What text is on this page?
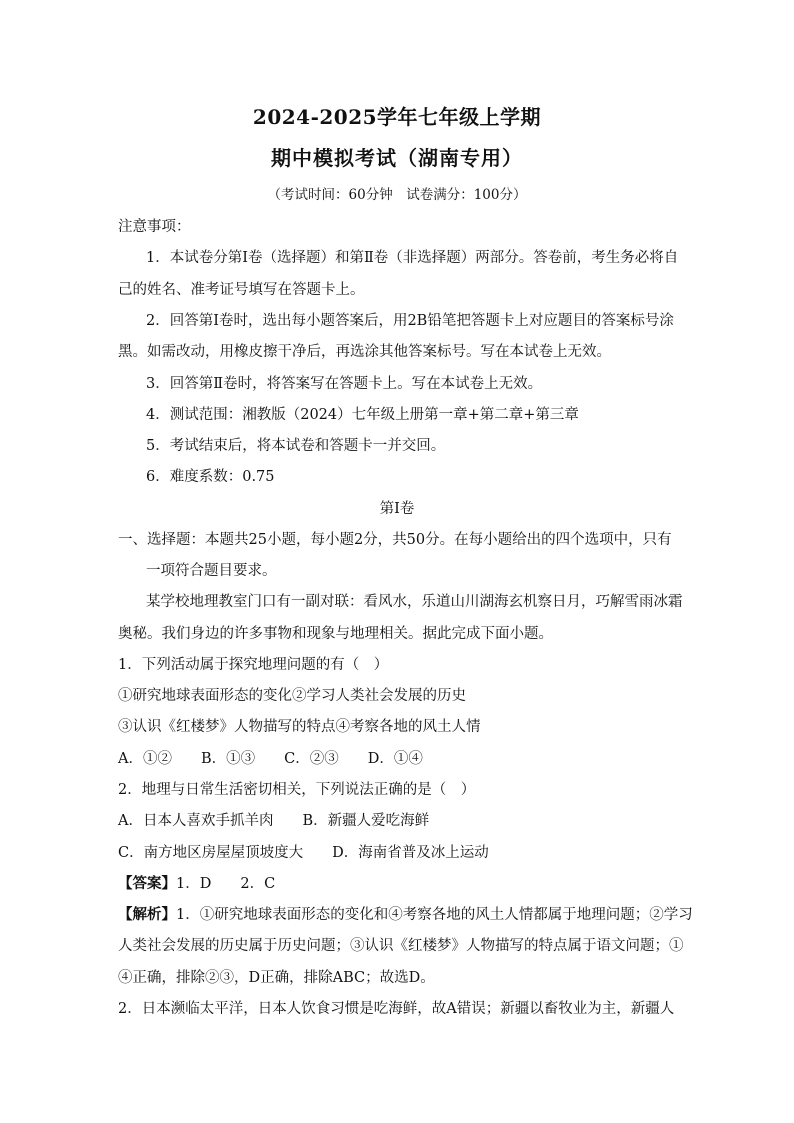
2024-2025学年七年级上学期
期中模拟考试（湖南专用）
（考试时间：60分钟　试卷满分：100分）
注意事项：
1．本试卷分第Ⅰ卷（选择题）和第Ⅱ卷（非选择题）两部分。答卷前，考生务必将自
己的姓名、准考证号填写在答题卡上。
2．回答第Ⅰ卷时，选出每小题答案后，用2B铅笔把答题卡上对应题目的答案标号涂
黑。如需改动，用橡皮擦干净后，再选涂其他答案标号。写在本试卷上无效。
3．回答第Ⅱ卷时，将答案写在答题卡上。写在本试卷上无效。
4．测试范围：湘教版（2024）七年级上册第一章+第二章+第三章
5．考试结束后，将本试卷和答题卡一并交回。
6．难度系数：0.75
第Ⅰ卷
一、选择题：本题共25小题，每小题2分，共50分。在每小题给出的四个选项中，只有
一项符合题目要求。
某学校地理教室门口有一副对联：看风水，乐道山川湖海玄机察日月，巧解雪雨冰霜
奥秘。我们身边的许多事物和现象与地理相关。据此完成下面小题。
1．下列活动属于探究地理问题的有（　）
①研究地球表面形态的变化②学习人类社会发展的历史
③认识《红楼梦》人物描写的特点④考察各地的风土人情
A．①②　　B．①③　　C．②③　　D．①④
2．地理与日常生活密切相关，下列说法正确的是（　）
A．日本人喜欢手抓羊肉　　B．新疆人爱吃海鲜
C．南方地区房屋屋顶坡度大　　D．海南省普及冰上运动
【答案】1．D　　2．C
【解析】1．①研究地球表面形态的变化和④考察各地的风土人情都属于地理问题；②学习
人类社会发展的历史属于历史问题；③认识《红楼梦》人物描写的特点属于语文问题；①
④正确，排除②③，D正确，排除ABC；故选D。
2．日本濒临太平洋，日本人饮食习惯是吃海鲜，故A错误；新疆以畜牧业为主，新疆人
